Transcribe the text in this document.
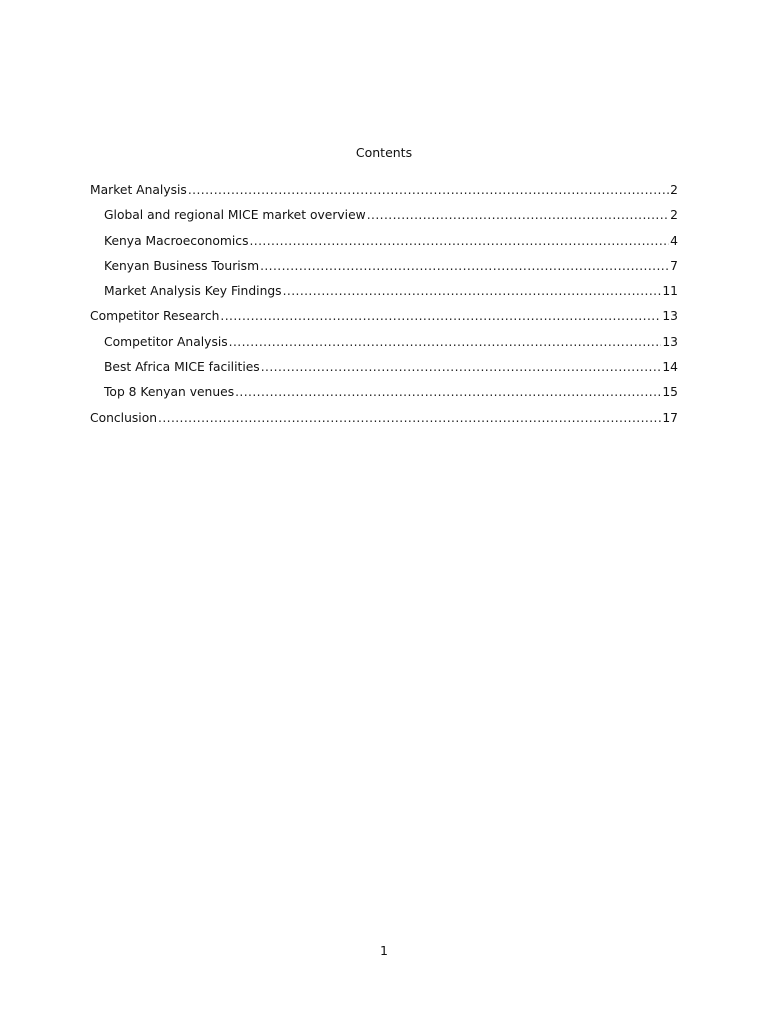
Contents
Market Analysis .....	2
Global and regional MICE market overview .....	2
Kenya Macroeconomics .....	4
Kenyan Business Tourism .....	7
Market Analysis Key Findings .....	11
Competitor Research .....	13
Competitor Analysis .....	13
Best Africa MICE facilities .....	14
Top 8 Kenyan venues .....	15
Conclusion .....	17
1
